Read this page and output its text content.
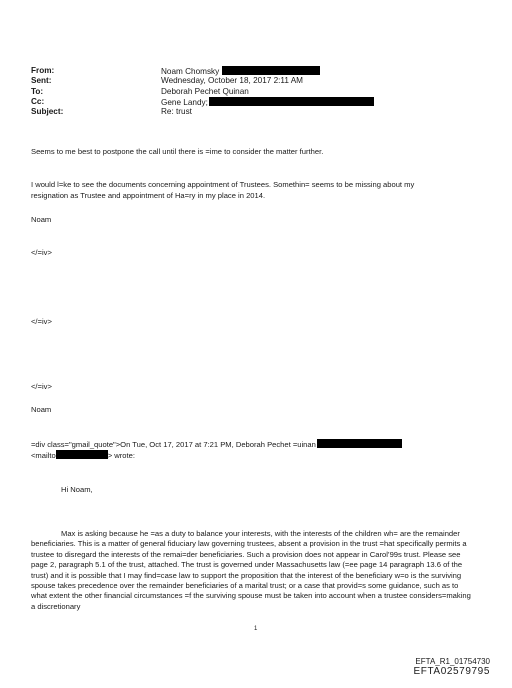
From:	Noam Chomsky
Sent:	Wednesday, October 18, 2017 2:11 AM
To:	Deborah Pechet Quinan
Cc:	Gene Landy;
Subject:	Re: trust
Seems to me best to postpone the call until there is =ime to consider the matter further.
I would l=ke to see the documents concerning appointment of Trustees. Somethin= seems to be missing about my
resignation as Trustee and appointment of Ha=ry in my place in 2014.
Noam
</=iv>
</=iv>
</=iv>
Noam
=div class="gmail_quote">On Tue, Oct 17, 2017 at 7:21 PM, Deborah Pechet =uinan
<mailto	> wrote:
Hi Noam,
Max is asking because he =as a duty to balance your interests, with the interests of the children wh= are the remainder beneficiaries. This is a matter of general fiduciary law governing trustees, absent a provision in the trust =hat specifically permits a trustee to disregard the interests of the remai=der beneficiaries. Such a provision does not appear in Carol’99s trust. Please see page 2, paragraph 5.1 of the trust, attached. The trust is governed under Massachusetts law (=ee page 14 paragraph 13.6 of the trust) and it is possible that I may find=case law to support the proposition that the interest of the beneficiary w=o is the surviving spouse takes precedence over the remainder beneficiaries of a marital trust; or a case that provid=s some guidance, such as to what extent the other financial circumstances =f the surviving spouse must be taken into account when a trustee considers=making a discretionary
1
EFTA_R1_01754730
EFTA02579795
